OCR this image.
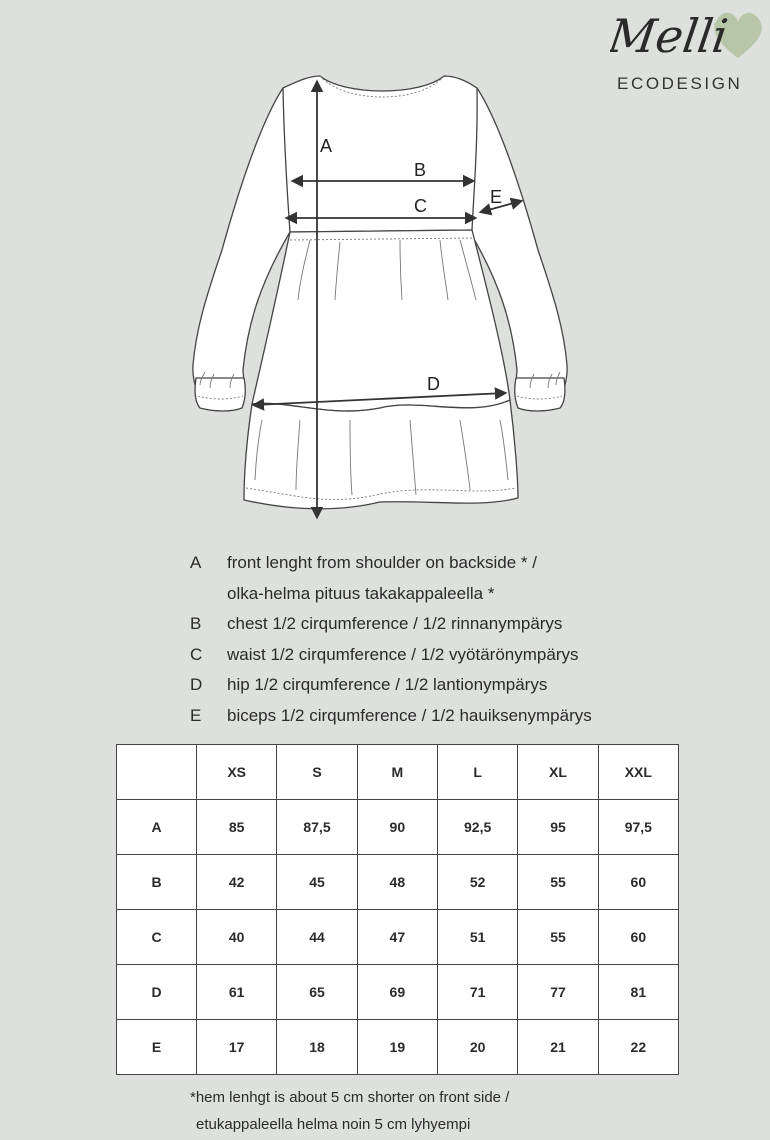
Melli
ECODESIGN
A
B
C
D
E
A	front lenght from shoulder on backside * /
olka-helma pituus takakappaleella *
B	chest 1/2 cirqumference / 1/2 rinnanympärys
C	waist 1/2 cirqumference / 1/2 vyötärönympärys
D	hip 1/2 cirqumference / 1/2 lantionympärys
E	biceps 1/2 cirqumference / 1/2 hauiksenympärys
	XS	S	M	L	XL	XXL
A	85	87,5	90	92,5	95	97,5
B	42	45	48	52	55	60
C	40	44	47	51	55	60
D	61	65	69	71	77	81
E	17	18	19	20	21	22
*hem lenhgt is about 5 cm shorter on front side /
etukappaleella helma noin 5 cm lyhyempi
